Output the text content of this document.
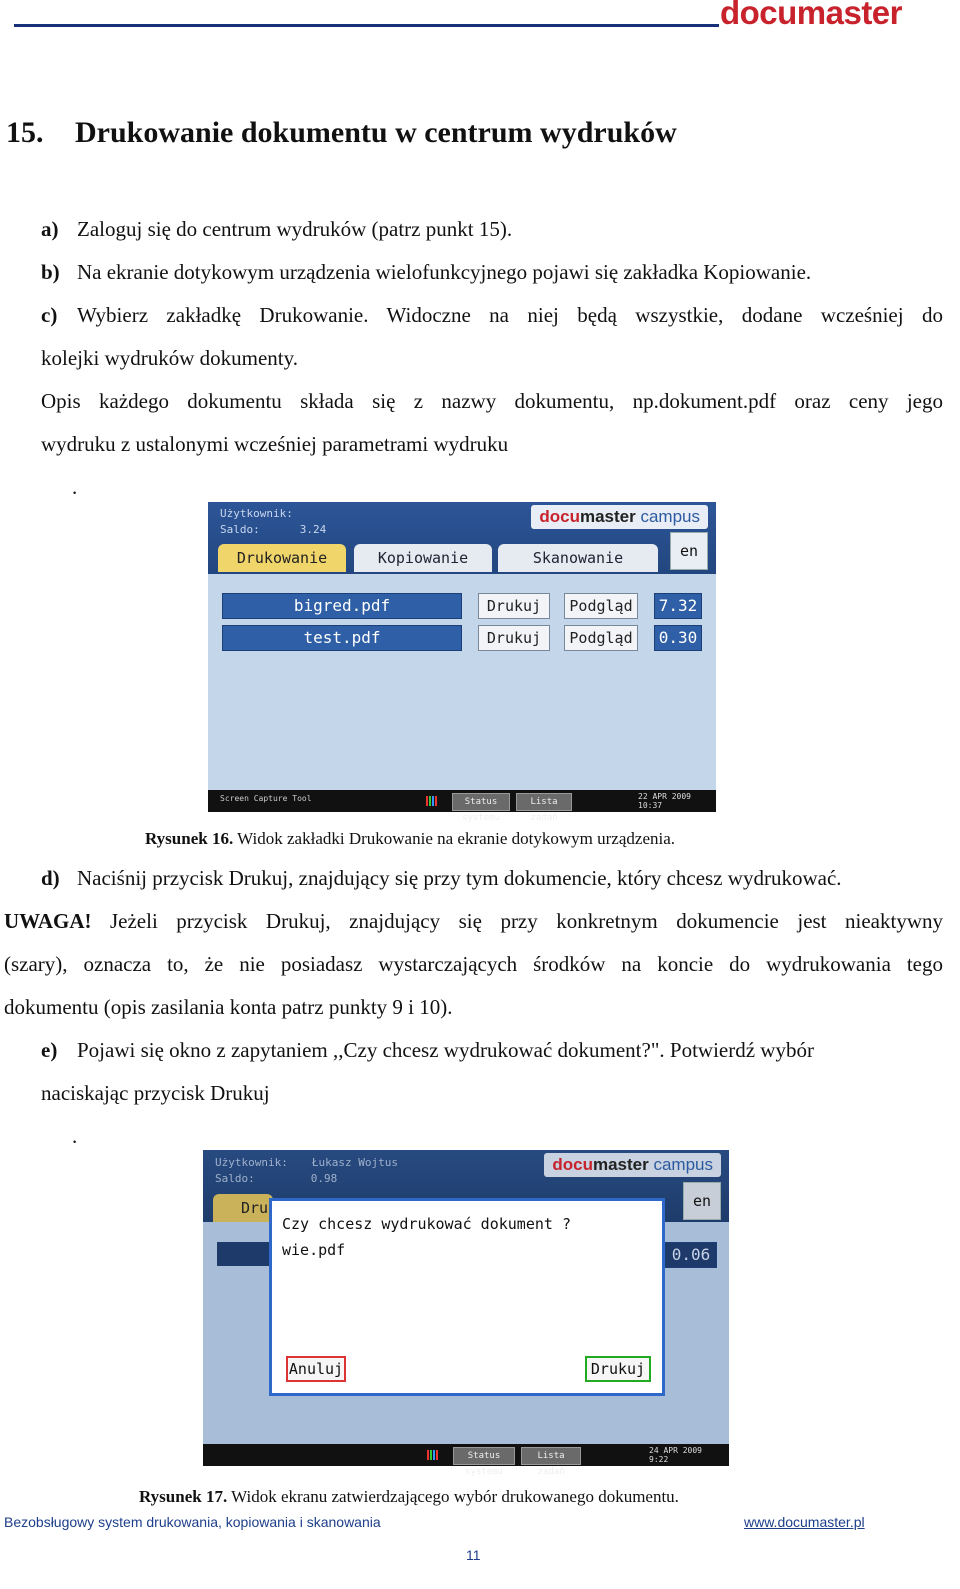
documaster
15. Drukowanie dokumentu w centrum wydruków
a) Zaloguj się do centrum wydruków (patrz punkt 15).
b) Na ekranie dotykowym urządzenia wielofunkcyjnego pojawi się zakładka Kopiowanie.
c) Wybierz zakładkę Drukowanie. Widoczne na niej będą wszystkie, dodane wcześniej do
kolejki wydruków dokumenty.
Opis każdego dokumentu składa się z nazwy dokumentu, np.dokument.pdf oraz ceny jego
wydruku z ustalonymi wcześniej parametrami wydruku
.
Użytkownik:
Saldo:	3.24
documaster campus
Drukowanie	Kopiowanie	Skanowanie	en
bigred.pdf	Drukuj	Podgląd	7.32
test.pdf	Drukuj	Podgląd	0.30
Screen Capture Tool	Status systemu
Lista zadań
22 APR 2009
10:37
Rysunek 16. Widok zakładki Drukowanie na ekranie dotykowym urządzenia.
d) Naciśnij przycisk Drukuj, znajdujący się przy tym dokumencie, który chcesz wydrukować.
UWAGA! Jeżeli przycisk Drukuj, znajdujący się przy konkretnym dokumencie jest nieaktywny
(szary), oznacza to, że nie posiadasz wystarczających środków na koncie do wydrukowania tego
dokumentu (opis zasilania konta patrz punkty 9 i 10).
e) Pojawi się okno z zapytaniem ,,Czy chcesz wydrukować dokument?". Potwierdź wybór
naciskając przycisk Drukuj
.
Użytkownik: Łukasz Wojtus
Saldo:	0.98
documaster campus
Dru	en
0.06
Czy chcesz wydrukować dokument ?
wie.pdf
Anuluj	Drukuj
Status systemu
Lista zadań
24 APR 2009
9:22
Rysunek 17. Widok ekranu zatwierdzającego wybór drukowanego dokumentu.
Bezobsługowy system drukowania, kopiowania i skanowania	www.documaster.pl
11
